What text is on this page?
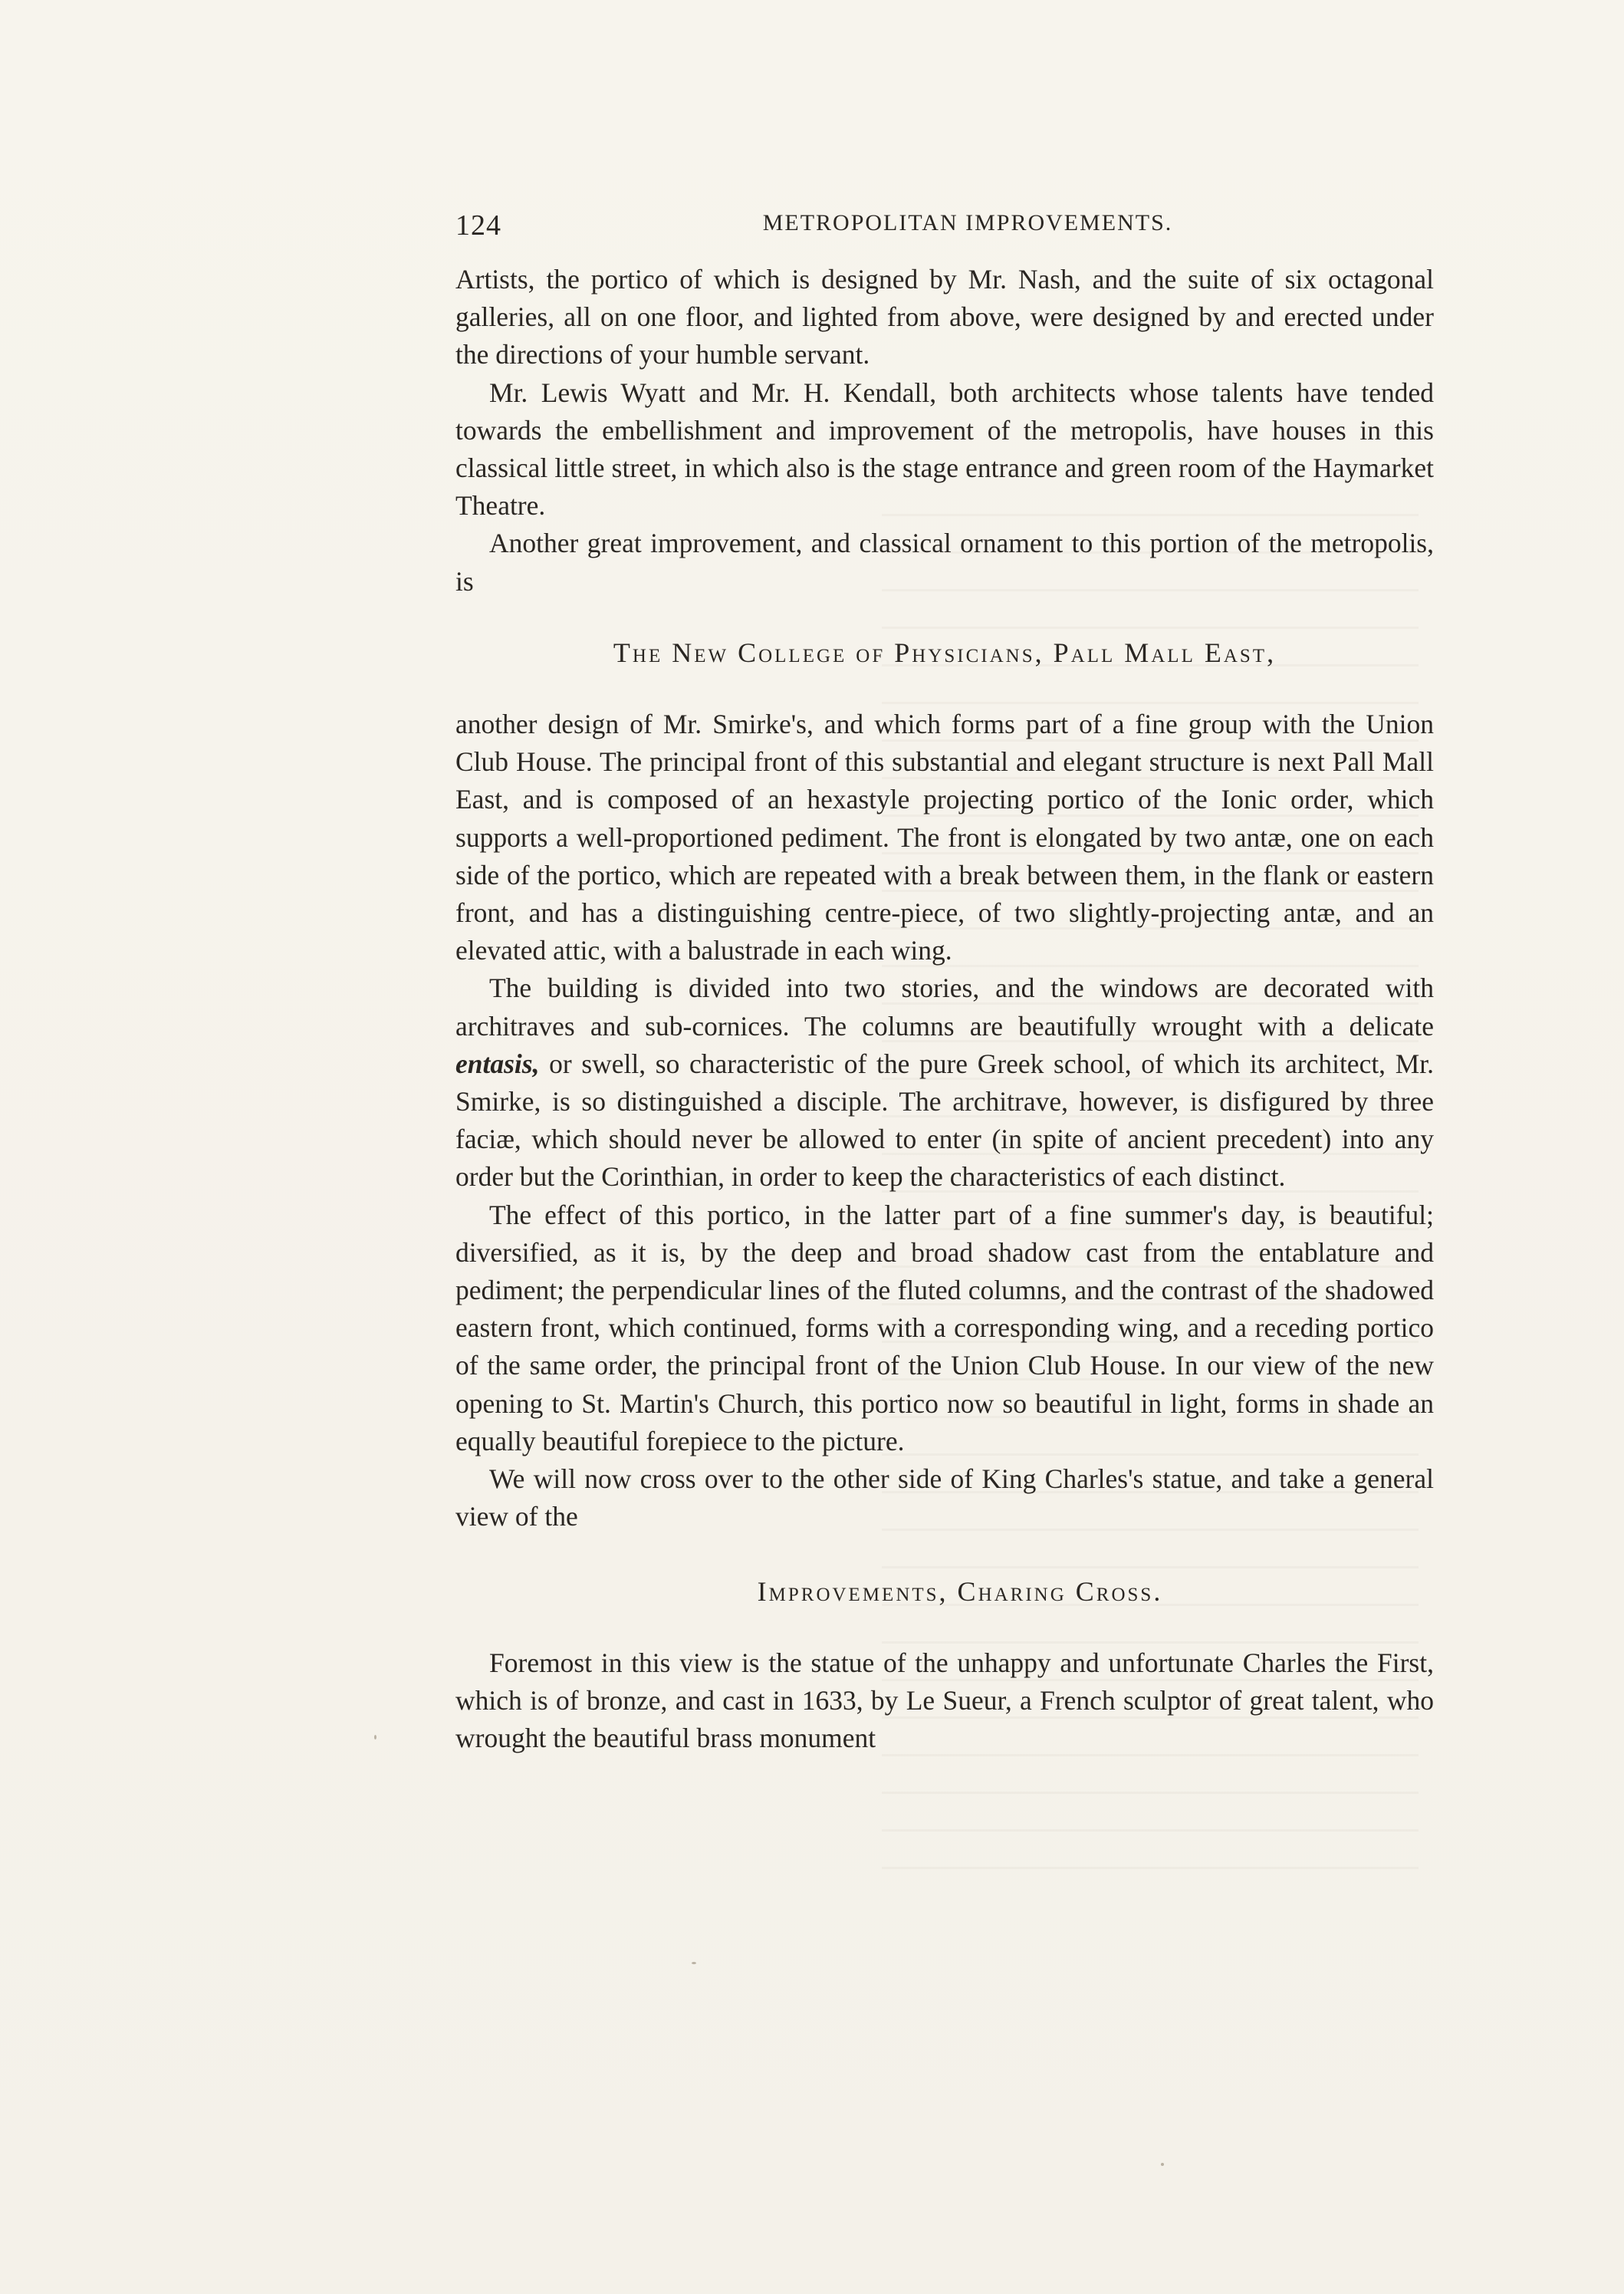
124	METROPOLITAN IMPROVEMENTS.

Artists, the portico of which is designed by Mr. Nash, and the suite of six octagonal galleries, all on one floor, and lighted from above, were designed by and erected under the directions of your humble servant.

Mr. Lewis Wyatt and Mr. H. Kendall, both architects whose talents have tended towards the embellishment and improvement of the metropolis, have houses in this classical little street, in which also is the stage entrance and green room of the Haymarket Theatre.

Another great improvement, and classical ornament to this portion of the metropolis, is

The New College of Physicians, Pall Mall East,

another design of Mr. Smirke's, and which forms part of a fine group with the Union Club House. The principal front of this substantial and elegant structure is next Pall Mall East, and is composed of an hexastyle projecting portico of the Ionic order, which supports a well-proportioned pediment. The front is elongated by two antæ, one on each side of the portico, which are repeated with a break between them, in the flank or eastern front, and has a distinguishing centre-piece, of two slightly-projecting antæ, and an elevated attic, with a balustrade in each wing.

The building is divided into two stories, and the windows are decorated with architraves and sub-cornices. The columns are beautifully wrought with a delicate entasis, or swell, so characteristic of the pure Greek school, of which its architect, Mr. Smirke, is so distinguished a disciple. The architrave, however, is disfigured by three faciæ, which should never be allowed to enter (in spite of ancient precedent) into any order but the Corinthian, in order to keep the characteristics of each distinct.

The effect of this portico, in the latter part of a fine summer's day, is beautiful; diversified, as it is, by the deep and broad shadow cast from the entablature and pediment; the perpendicular lines of the fluted columns, and the contrast of the shadowed eastern front, which continued, forms with a corresponding wing, and a receding portico of the same order, the principal front of the Union Club House. In our view of the new opening to St. Martin's Church, this portico now so beautiful in light, forms in shade an equally beautiful forepiece to the picture.

We will now cross over to the other side of King Charles's statue, and take a general view of the

Improvements, Charing Cross.

Foremost in this view is the statue of the unhappy and unfortunate Charles the First, which is of bronze, and cast in 1633, by Le Sueur, a French sculptor of great talent, who wrought the beautiful brass monument
